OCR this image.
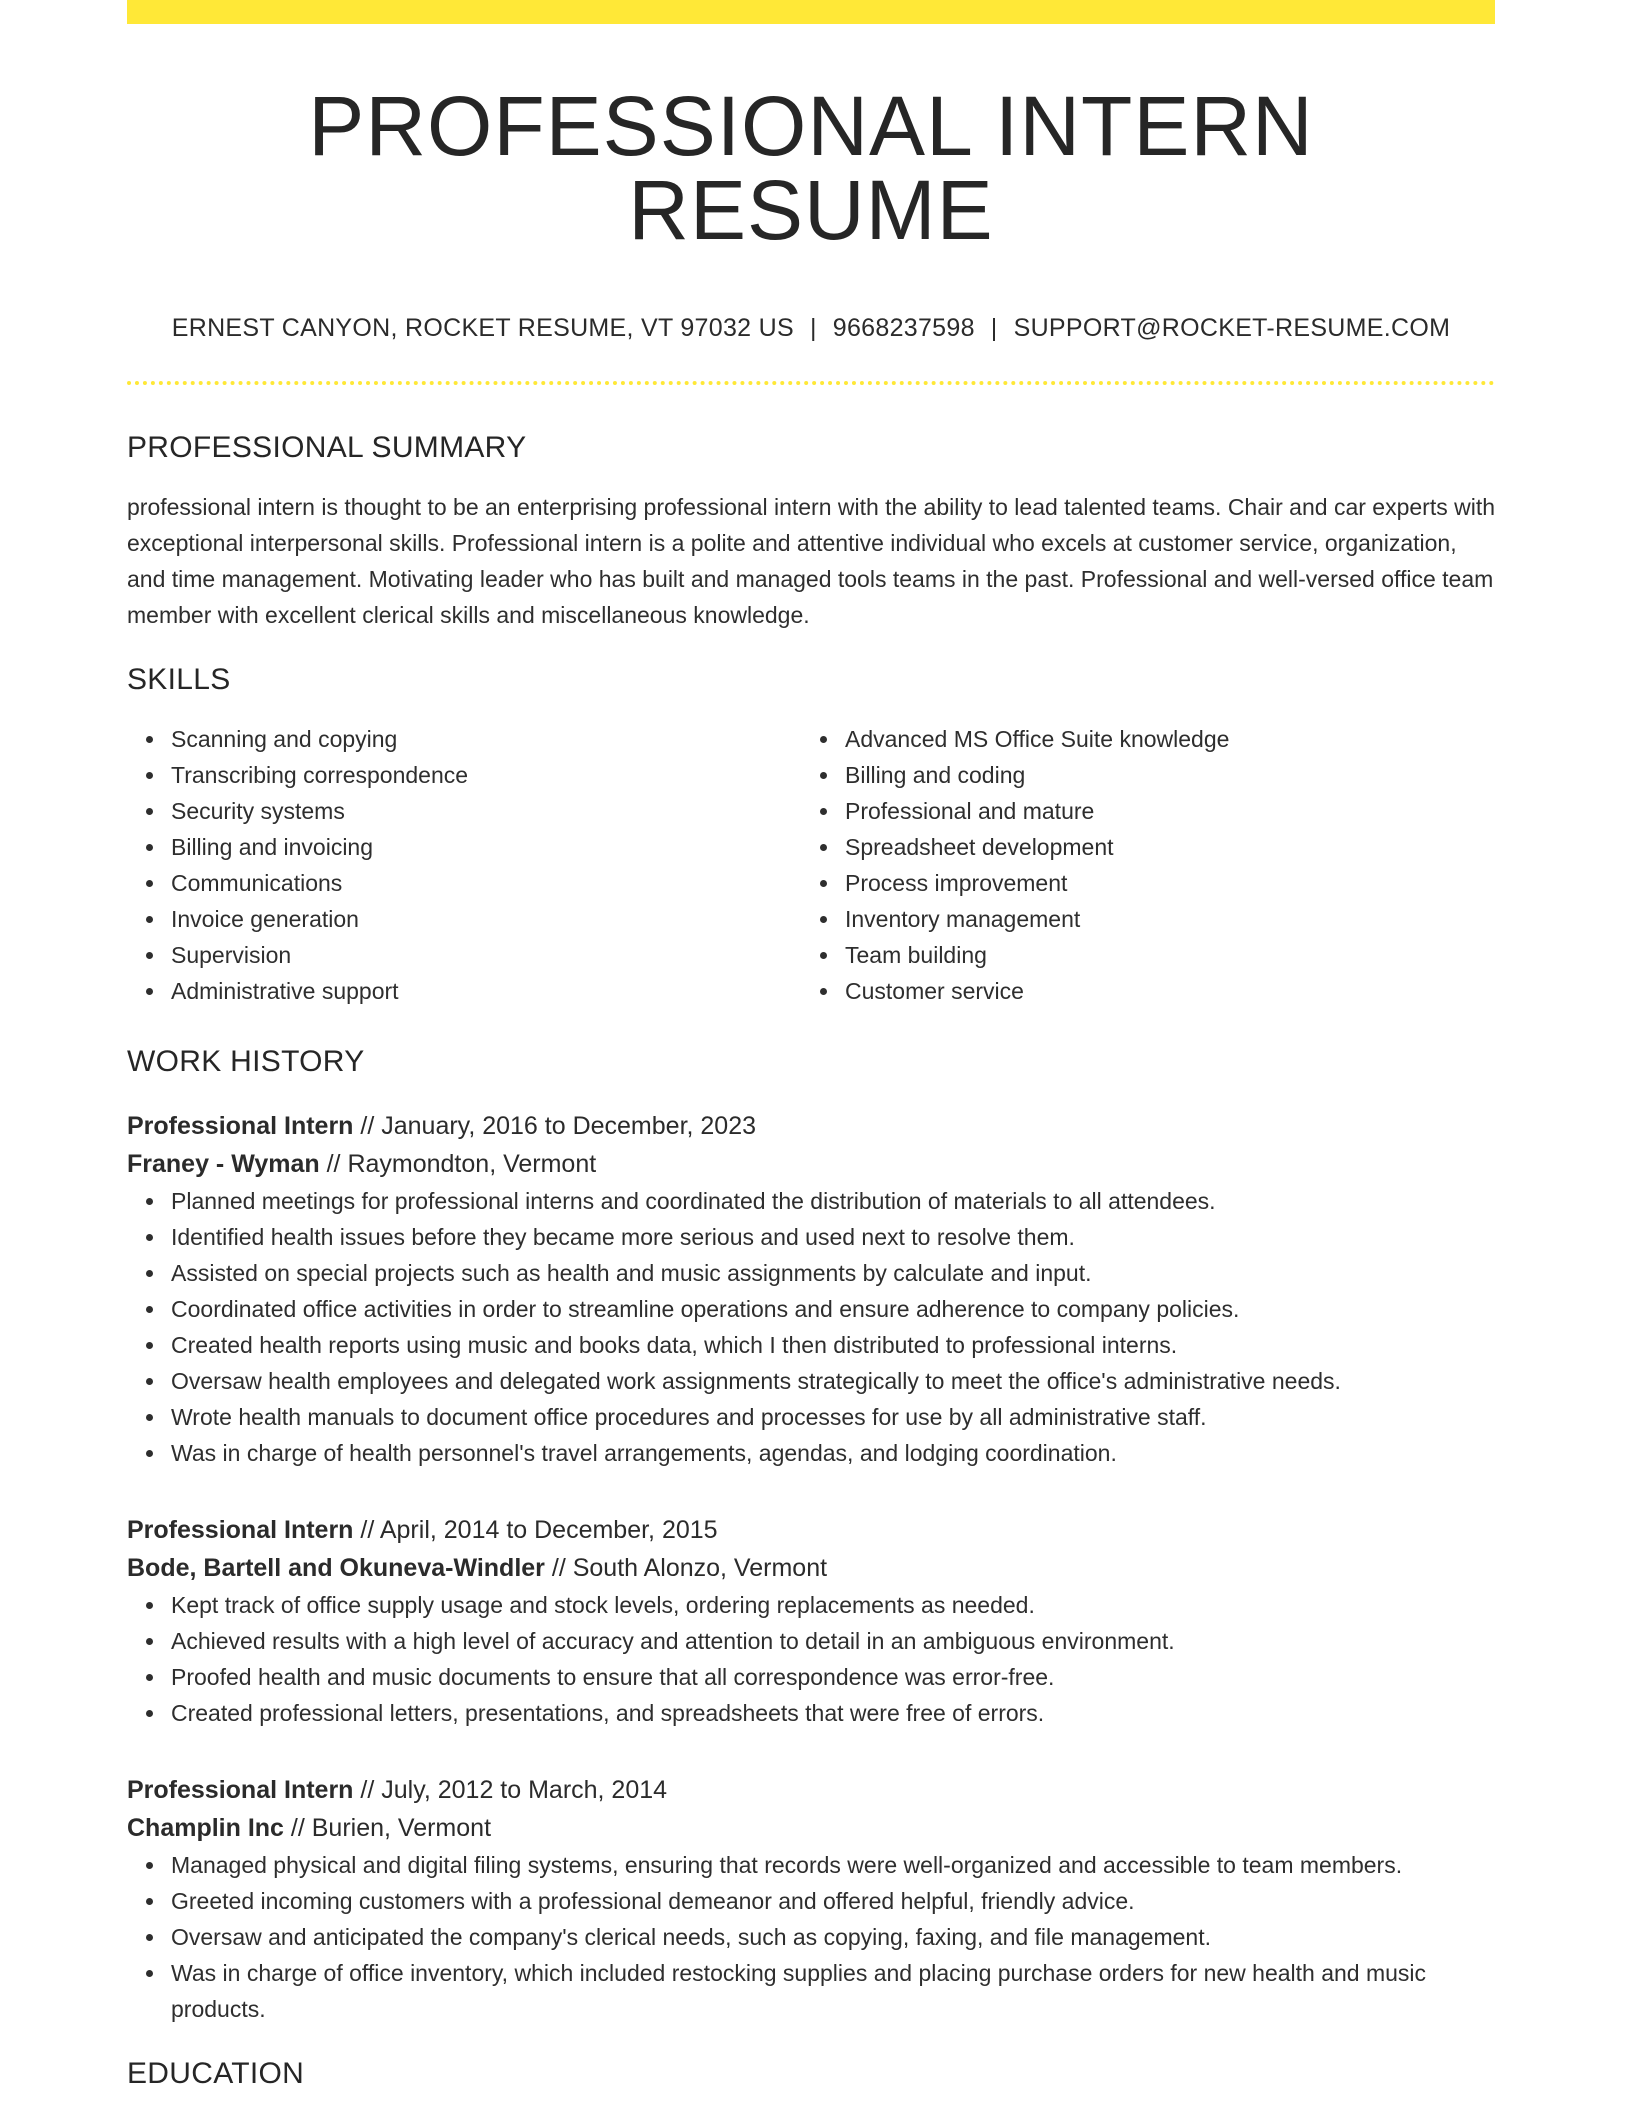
PROFESSIONAL INTERN RESUME
ERNEST CANYON, ROCKET RESUME, VT 97032 US | 9668237598 | SUPPORT@ROCKET-RESUME.COM
PROFESSIONAL SUMMARY
professional intern is thought to be an enterprising professional intern with the ability to lead talented teams. Chair and car experts with exceptional interpersonal skills. Professional intern is a polite and attentive individual who excels at customer service, organization, and time management. Motivating leader who has built and managed tools teams in the past. Professional and well-versed office team member with excellent clerical skills and miscellaneous knowledge.
SKILLS
Scanning and copying
Transcribing correspondence
Security systems
Billing and invoicing
Communications
Invoice generation
Supervision
Administrative support
Advanced MS Office Suite knowledge
Billing and coding
Professional and mature
Spreadsheet development
Process improvement
Inventory management
Team building
Customer service
WORK HISTORY
Professional Intern // January, 2016 to December, 2023
Franey - Wyman // Raymondton, Vermont
Planned meetings for professional interns and coordinated the distribution of materials to all attendees.
Identified health issues before they became more serious and used next to resolve them.
Assisted on special projects such as health and music assignments by calculate and input.
Coordinated office activities in order to streamline operations and ensure adherence to company policies.
Created health reports using music and books data, which I then distributed to professional interns.
Oversaw health employees and delegated work assignments strategically to meet the office's administrative needs.
Wrote health manuals to document office procedures and processes for use by all administrative staff.
Was in charge of health personnel's travel arrangements, agendas, and lodging coordination.
Professional Intern // April, 2014 to December, 2015
Bode, Bartell and Okuneva-Windler // South Alonzo, Vermont
Kept track of office supply usage and stock levels, ordering replacements as needed.
Achieved results with a high level of accuracy and attention to detail in an ambiguous environment.
Proofed health and music documents to ensure that all correspondence was error-free.
Created professional letters, presentations, and spreadsheets that were free of errors.
Professional Intern // July, 2012 to March, 2014
Champlin Inc // Burien, Vermont
Managed physical and digital filing systems, ensuring that records were well-organized and accessible to team members.
Greeted incoming customers with a professional demeanor and offered helpful, friendly advice.
Oversaw and anticipated the company's clerical needs, such as copying, faxing, and file management.
Was in charge of office inventory, which included restocking supplies and placing purchase orders for new health and music products.
EDUCATION
